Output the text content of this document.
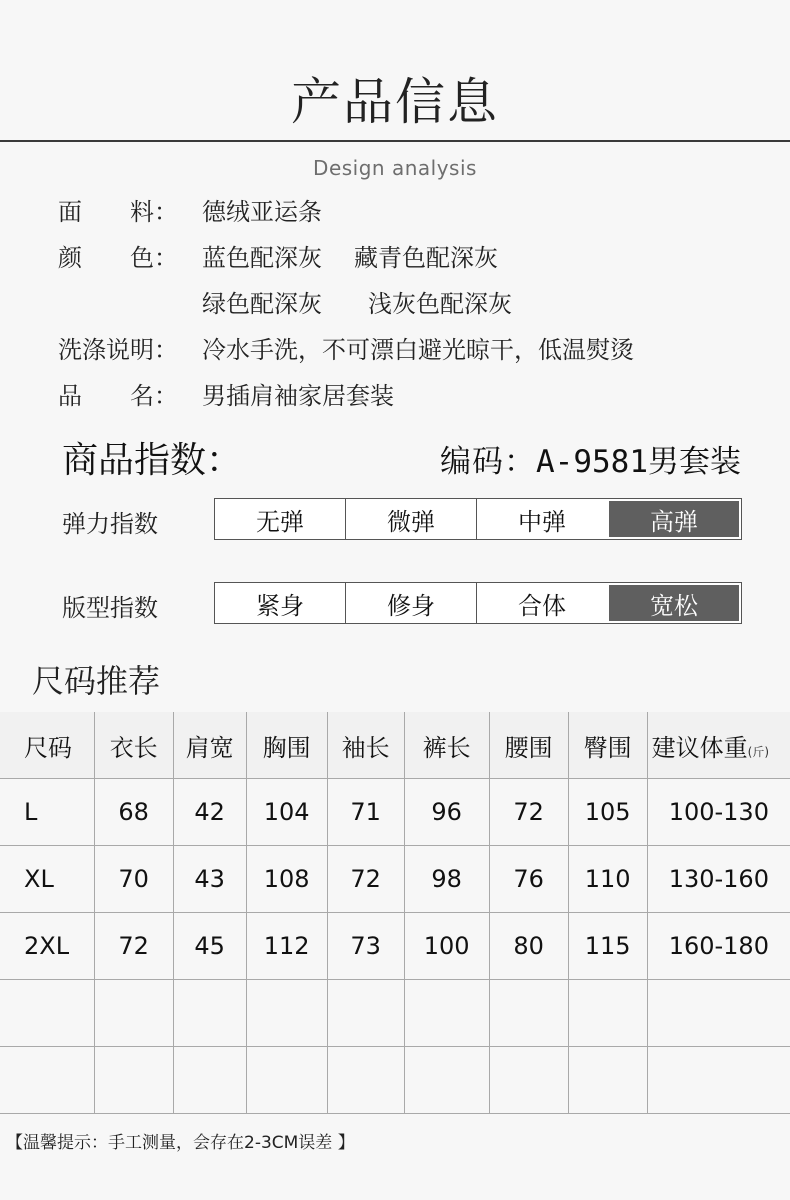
产品信息
Design analysis
面　　料： 德绒亚运条
颜　　色： 蓝色配深灰 藏青色配深灰
绿色配深灰 浅灰色配深灰
洗涤说明： 冷水手洗，不可漂白避光晾干，低温熨烫
品　　名： 男插肩袖家居套装
商品指数：	编码：A-9581男套装
弹力指数	无弹	微弹	中弹	高弹
版型指数	紧身	修身	合体	宽松
尺码推荐
尺码	衣长	肩宽	胸围	袖长	裤长	腰围	臀围	建议体重(斤)
L	68	42	104	71	96	72	105	100-130
XL	70	43	108	72	98	76	110	130-160
2XL	72	45	112	73	100	80	115	160-180

【温馨提示：手工测量，会存在2-3CM误差 】
